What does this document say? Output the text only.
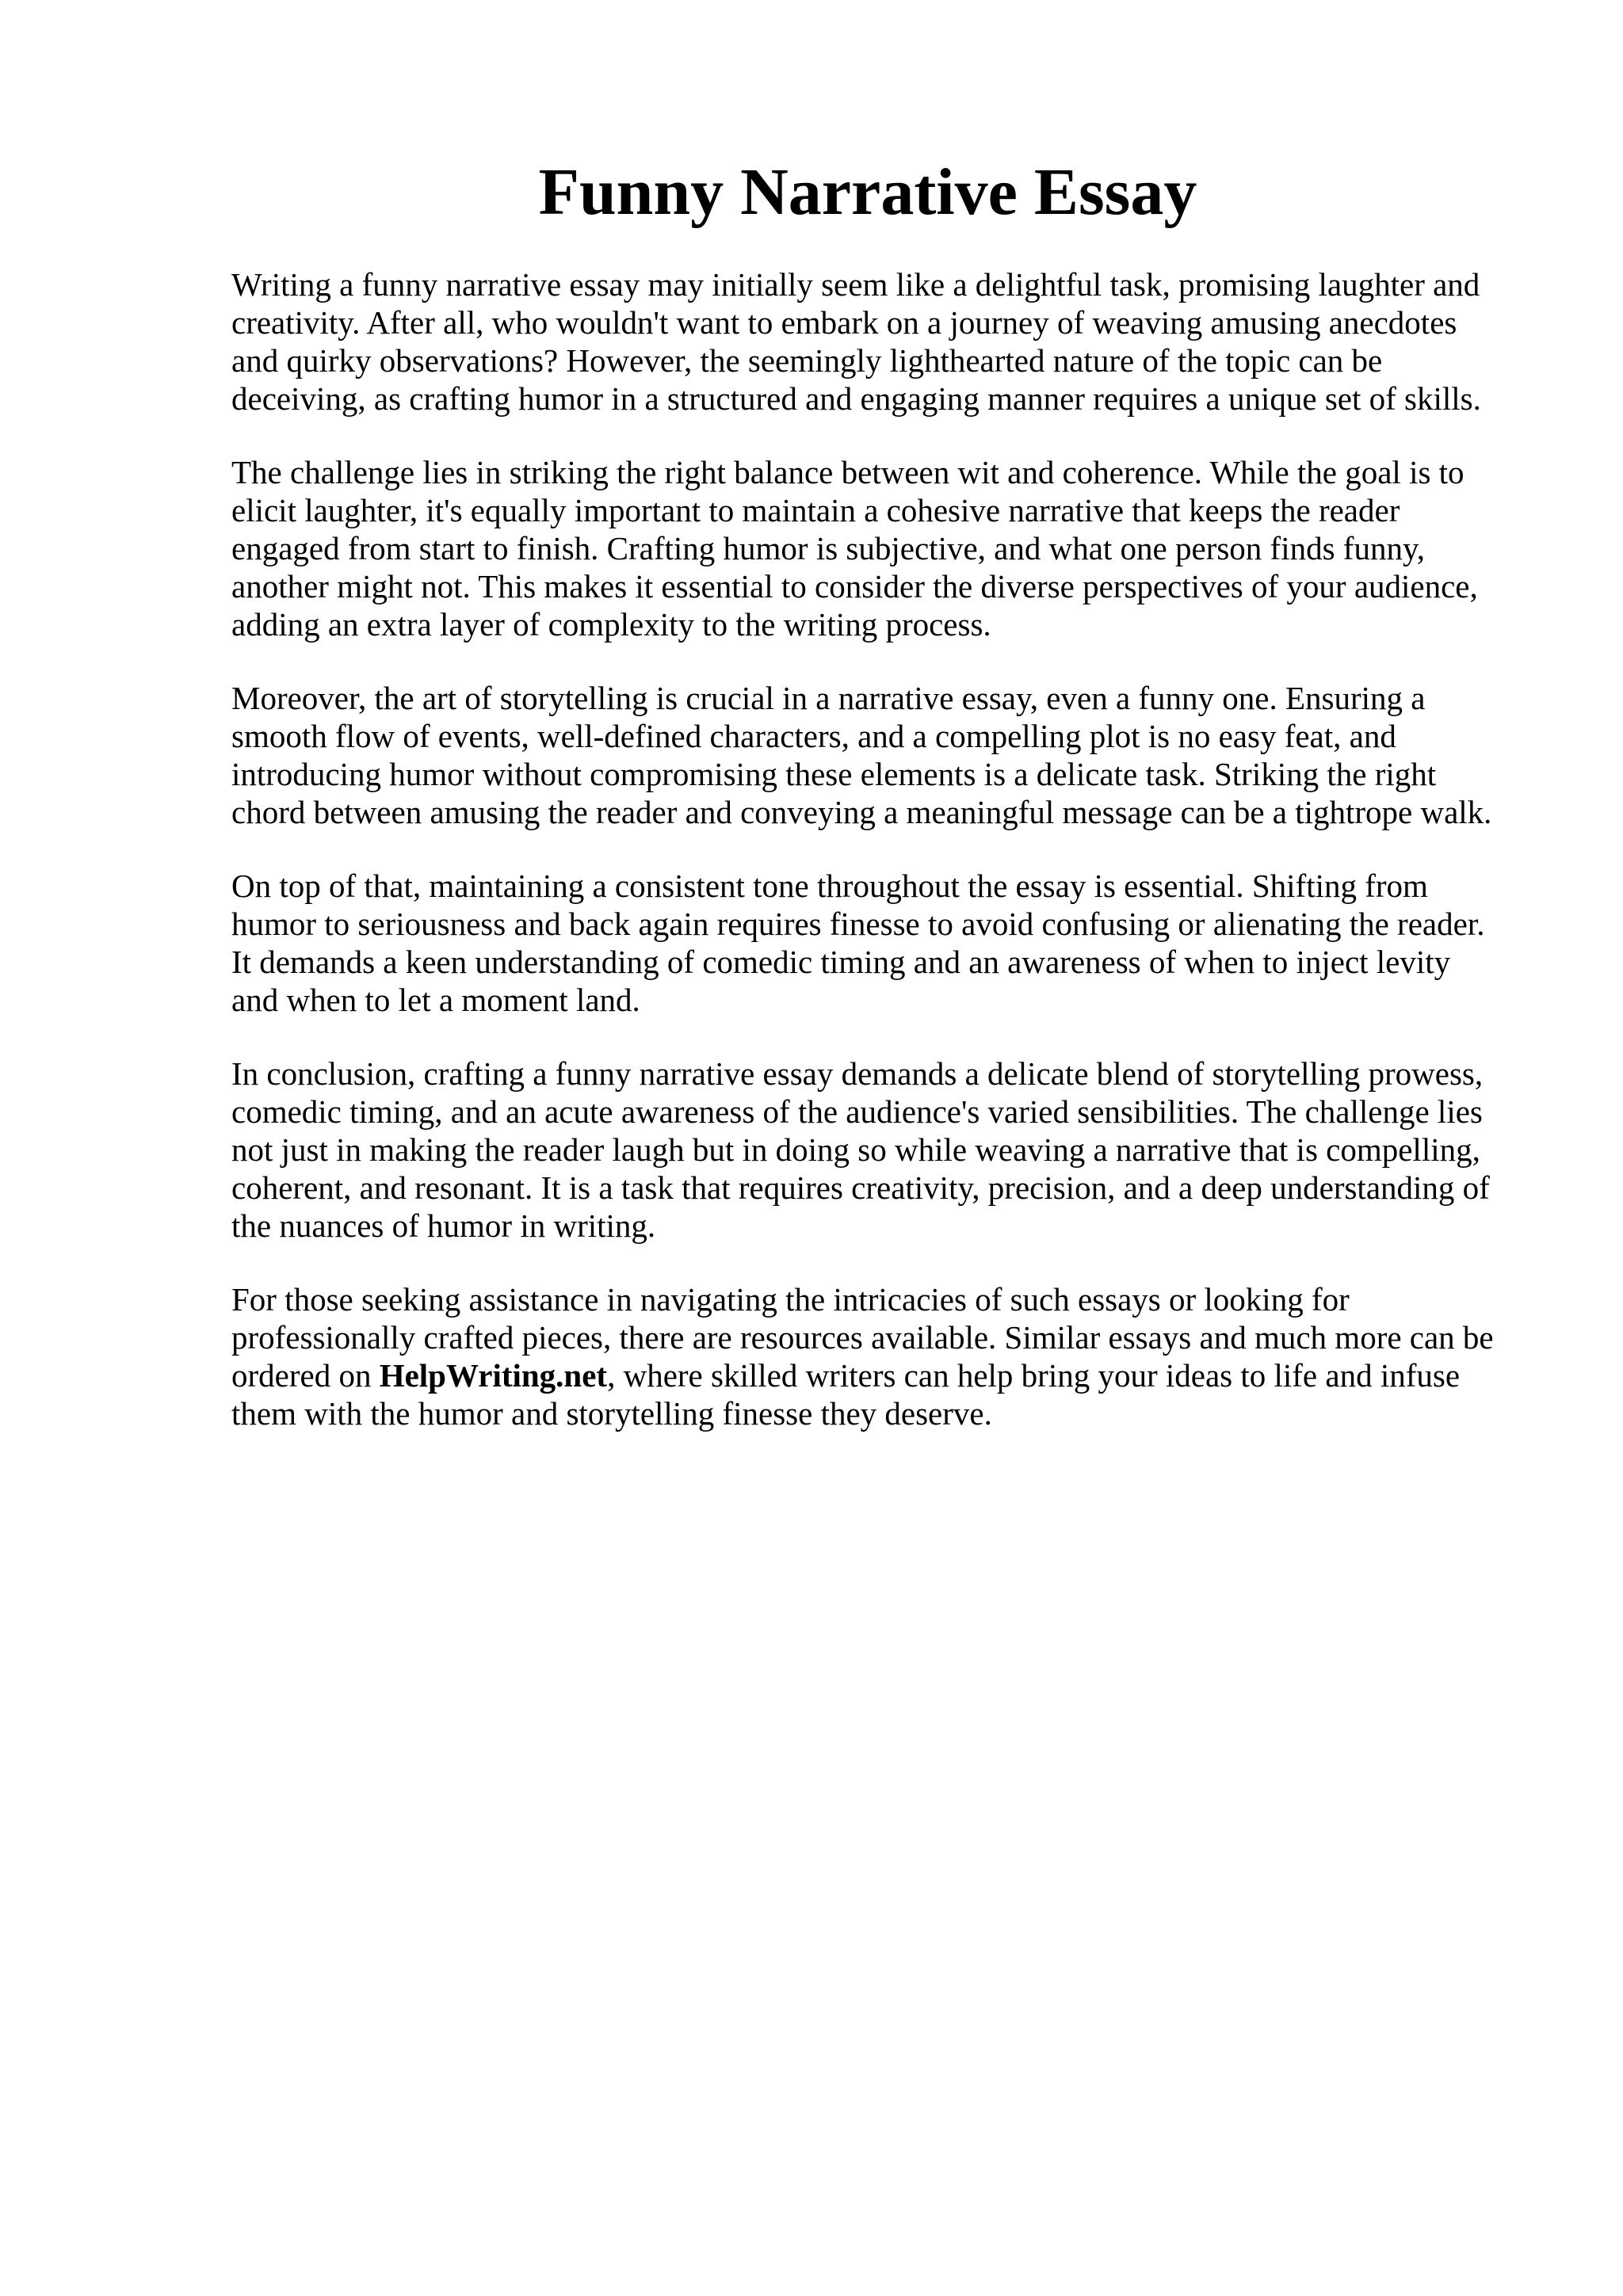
Funny Narrative Essay

Writing a funny narrative essay may initially seem like a delightful task, promising laughter and
creativity. After all, who wouldn't want to embark on a journey of weaving amusing anecdotes
and quirky observations? However, the seemingly lighthearted nature of the topic can be
deceiving, as crafting humor in a structured and engaging manner requires a unique set of skills.

The challenge lies in striking the right balance between wit and coherence. While the goal is to
elicit laughter, it's equally important to maintain a cohesive narrative that keeps the reader
engaged from start to finish. Crafting humor is subjective, and what one person finds funny,
another might not. This makes it essential to consider the diverse perspectives of your audience,
adding an extra layer of complexity to the writing process.

Moreover, the art of storytelling is crucial in a narrative essay, even a funny one. Ensuring a
smooth flow of events, well-defined characters, and a compelling plot is no easy feat, and
introducing humor without compromising these elements is a delicate task. Striking the right
chord between amusing the reader and conveying a meaningful message can be a tightrope walk.

On top of that, maintaining a consistent tone throughout the essay is essential. Shifting from
humor to seriousness and back again requires finesse to avoid confusing or alienating the reader.
It demands a keen understanding of comedic timing and an awareness of when to inject levity
and when to let a moment land.

In conclusion, crafting a funny narrative essay demands a delicate blend of storytelling prowess,
comedic timing, and an acute awareness of the audience's varied sensibilities. The challenge lies
not just in making the reader laugh but in doing so while weaving a narrative that is compelling,
coherent, and resonant. It is a task that requires creativity, precision, and a deep understanding of
the nuances of humor in writing.

For those seeking assistance in navigating the intricacies of such essays or looking for
professionally crafted pieces, there are resources available. Similar essays and much more can be
ordered on HelpWriting.net, where skilled writers can help bring your ideas to life and infuse
them with the humor and storytelling finesse they deserve.
